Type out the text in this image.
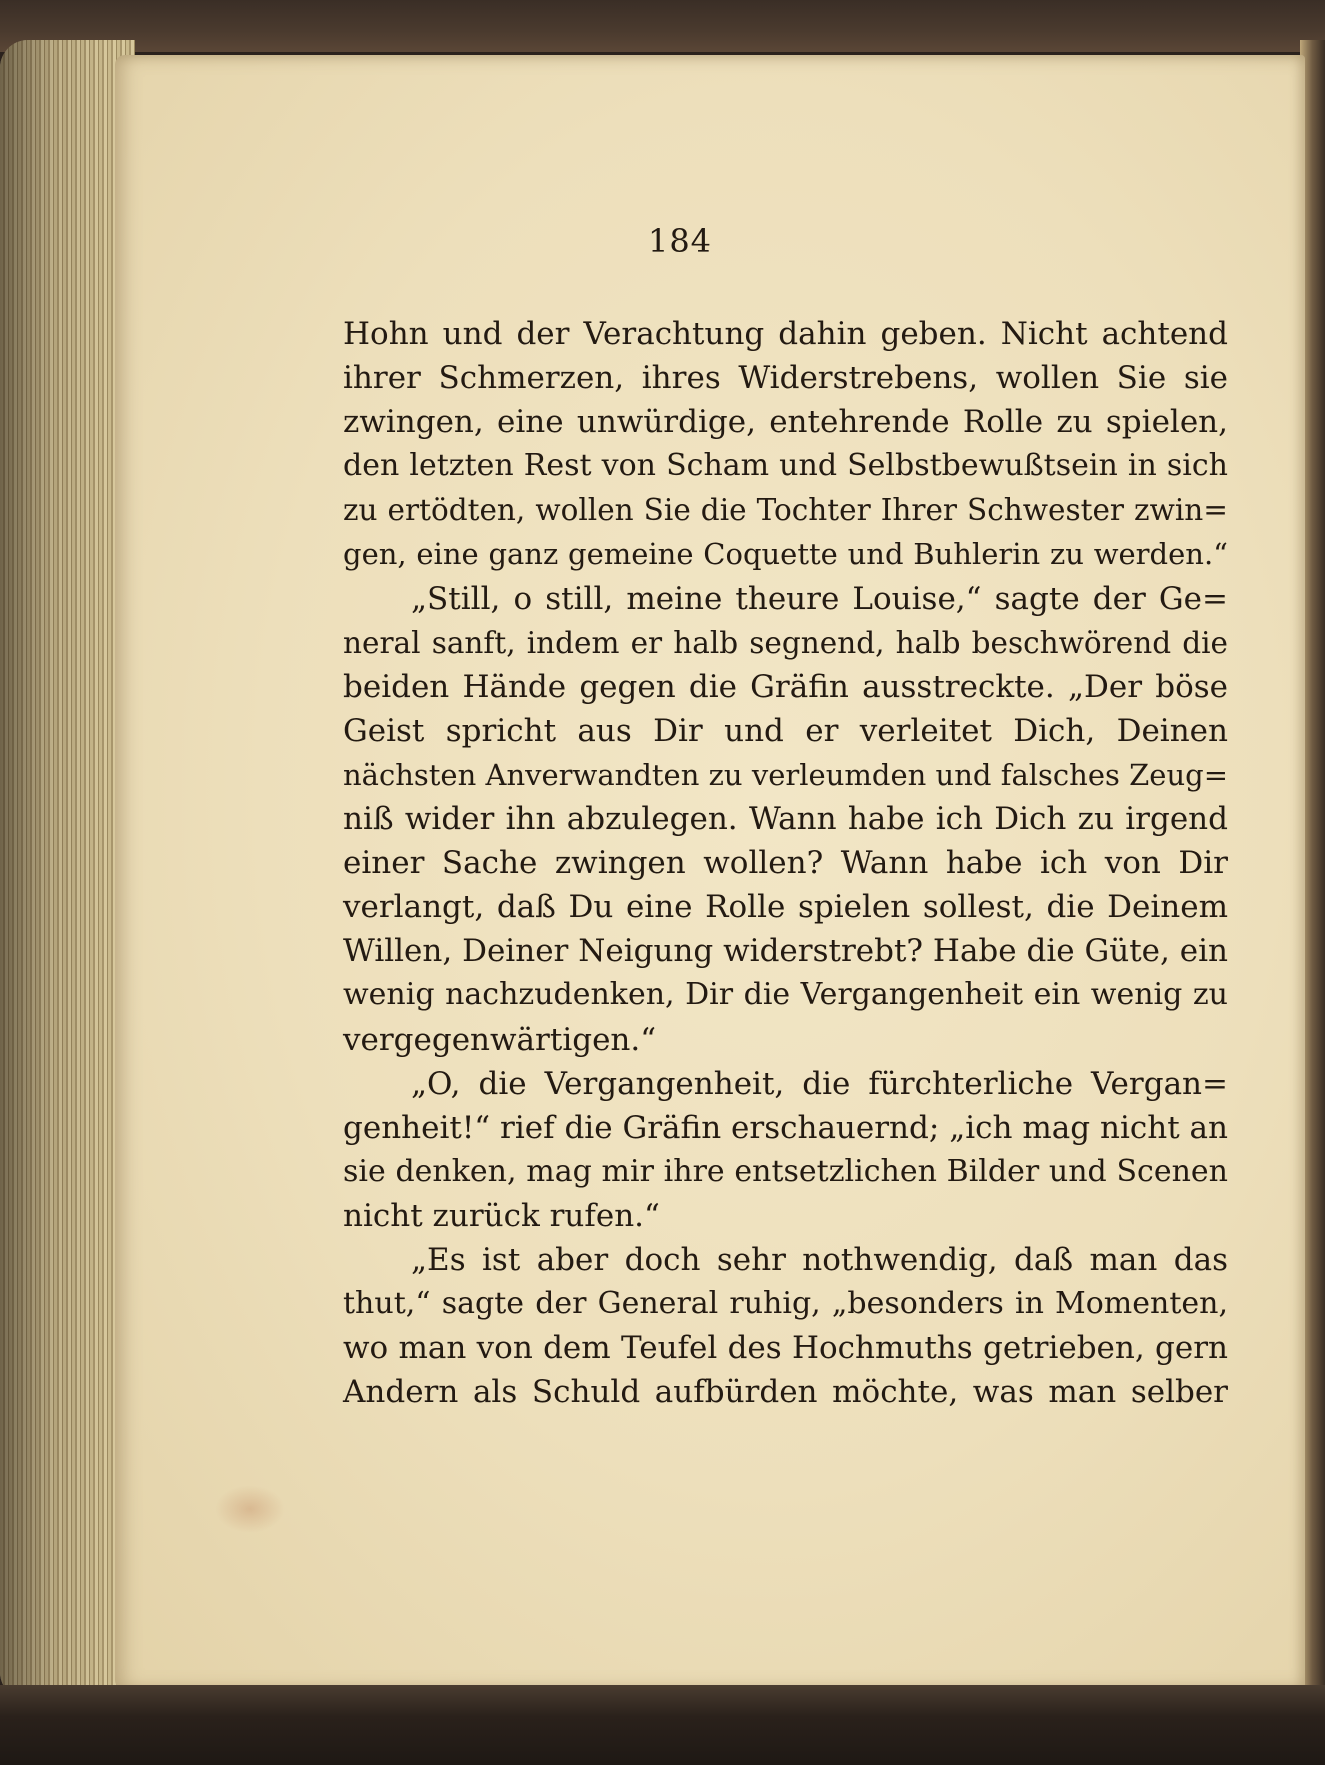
184
Hohn und der Verachtung dahin geben. Nicht achtend
ihrer Schmerzen, ihres Widerstrebens, wollen Sie sie
zwingen, eine unwürdige, entehrende Rolle zu spielen,
den letzten Rest von Scham und Selbstbewußtsein in sich
zu ertödten, wollen Sie die Tochter Ihrer Schwester zwin=
gen, eine ganz gemeine Coquette und Buhlerin zu werden.“
„Still, o still, meine theure Louise,“ sagte der Ge=
neral sanft, indem er halb segnend, halb beschwörend die
beiden Hände gegen die Gräfin ausstreckte. „Der böse
Geist spricht aus Dir und er verleitet Dich, Deinen
nächsten Anverwandten zu verleumden und falsches Zeug=
niß wider ihn abzulegen. Wann habe ich Dich zu irgend
einer Sache zwingen wollen? Wann habe ich von Dir
verlangt, daß Du eine Rolle spielen sollest, die Deinem
Willen, Deiner Neigung widerstrebt? Habe die Güte, ein
wenig nachzudenken, Dir die Vergangenheit ein wenig zu
vergegenwärtigen.“
„O, die Vergangenheit, die fürchterliche Vergan=
genheit!“ rief die Gräfin erschauernd; „ich mag nicht an
sie denken, mag mir ihre entsetzlichen Bilder und Scenen
nicht zurück rufen.“
„Es ist aber doch sehr nothwendig, daß man das
thut,“ sagte der General ruhig, „besonders in Momenten,
wo man von dem Teufel des Hochmuths getrieben, gern
Andern als Schuld aufbürden möchte, was man selber
